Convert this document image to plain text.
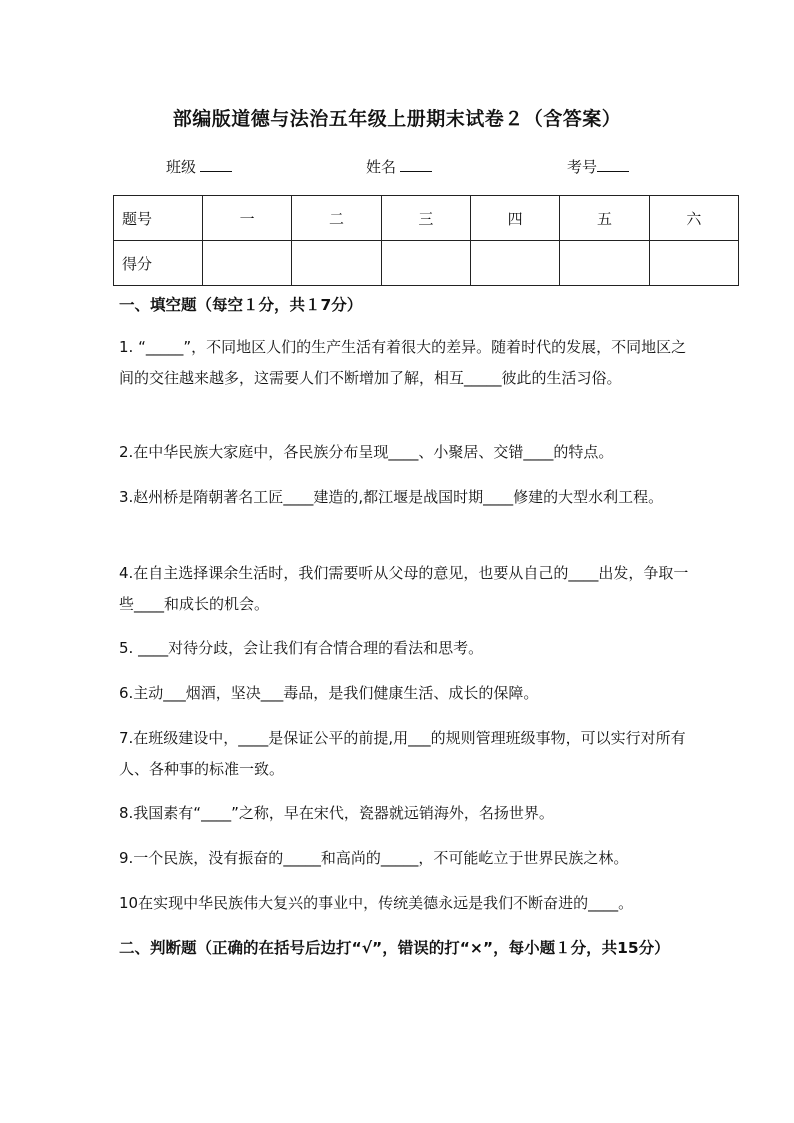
部编版道德与法治五年级上册期末试卷２（含答案）
班级	姓名	考号
题号	一	二	三	四	五	六
得分						
一、填空题（每空１分，共１7分）
1. “_____”，不同地区人们的生产生活有着很大的差异。随着时代的发展，不同地区之间的交往越来越多，这需要人们不断增加了解，相互_____彼此的生活习俗。
2.在中华民族大家庭中，各民族分布呈现____、小聚居、交错____的特点。
3.赵州桥是隋朝著名工匠____建造的,都江堰是战国时期____修建的大型水利工程。
4.在自主选择课余生活时，我们需要听从父母的意见，也要从自己的____出发，争取一些____和成长的机会。
5. ____对待分歧，会让我们有合情合理的看法和思考。
6.主动___烟酒，坚决___毒品，是我们健康生活、成长的保障。
7.在班级建设中，____是保证公平的前提,用___的规则管理班级事物，可以实行对所有人、各种事的标准一致。
8.我国素有“____”之称，早在宋代，瓷器就远销海外，名扬世界。
9.一个民族，没有振奋的_____和高尚的_____，不可能屹立于世界民族之林。
10在实现中华民族伟大复兴的事业中，传统美德永远是我们不断奋进的____。
二、判断题（正确的在括号后边打“√”，错误的打“×”，每小题１分，共15分）
